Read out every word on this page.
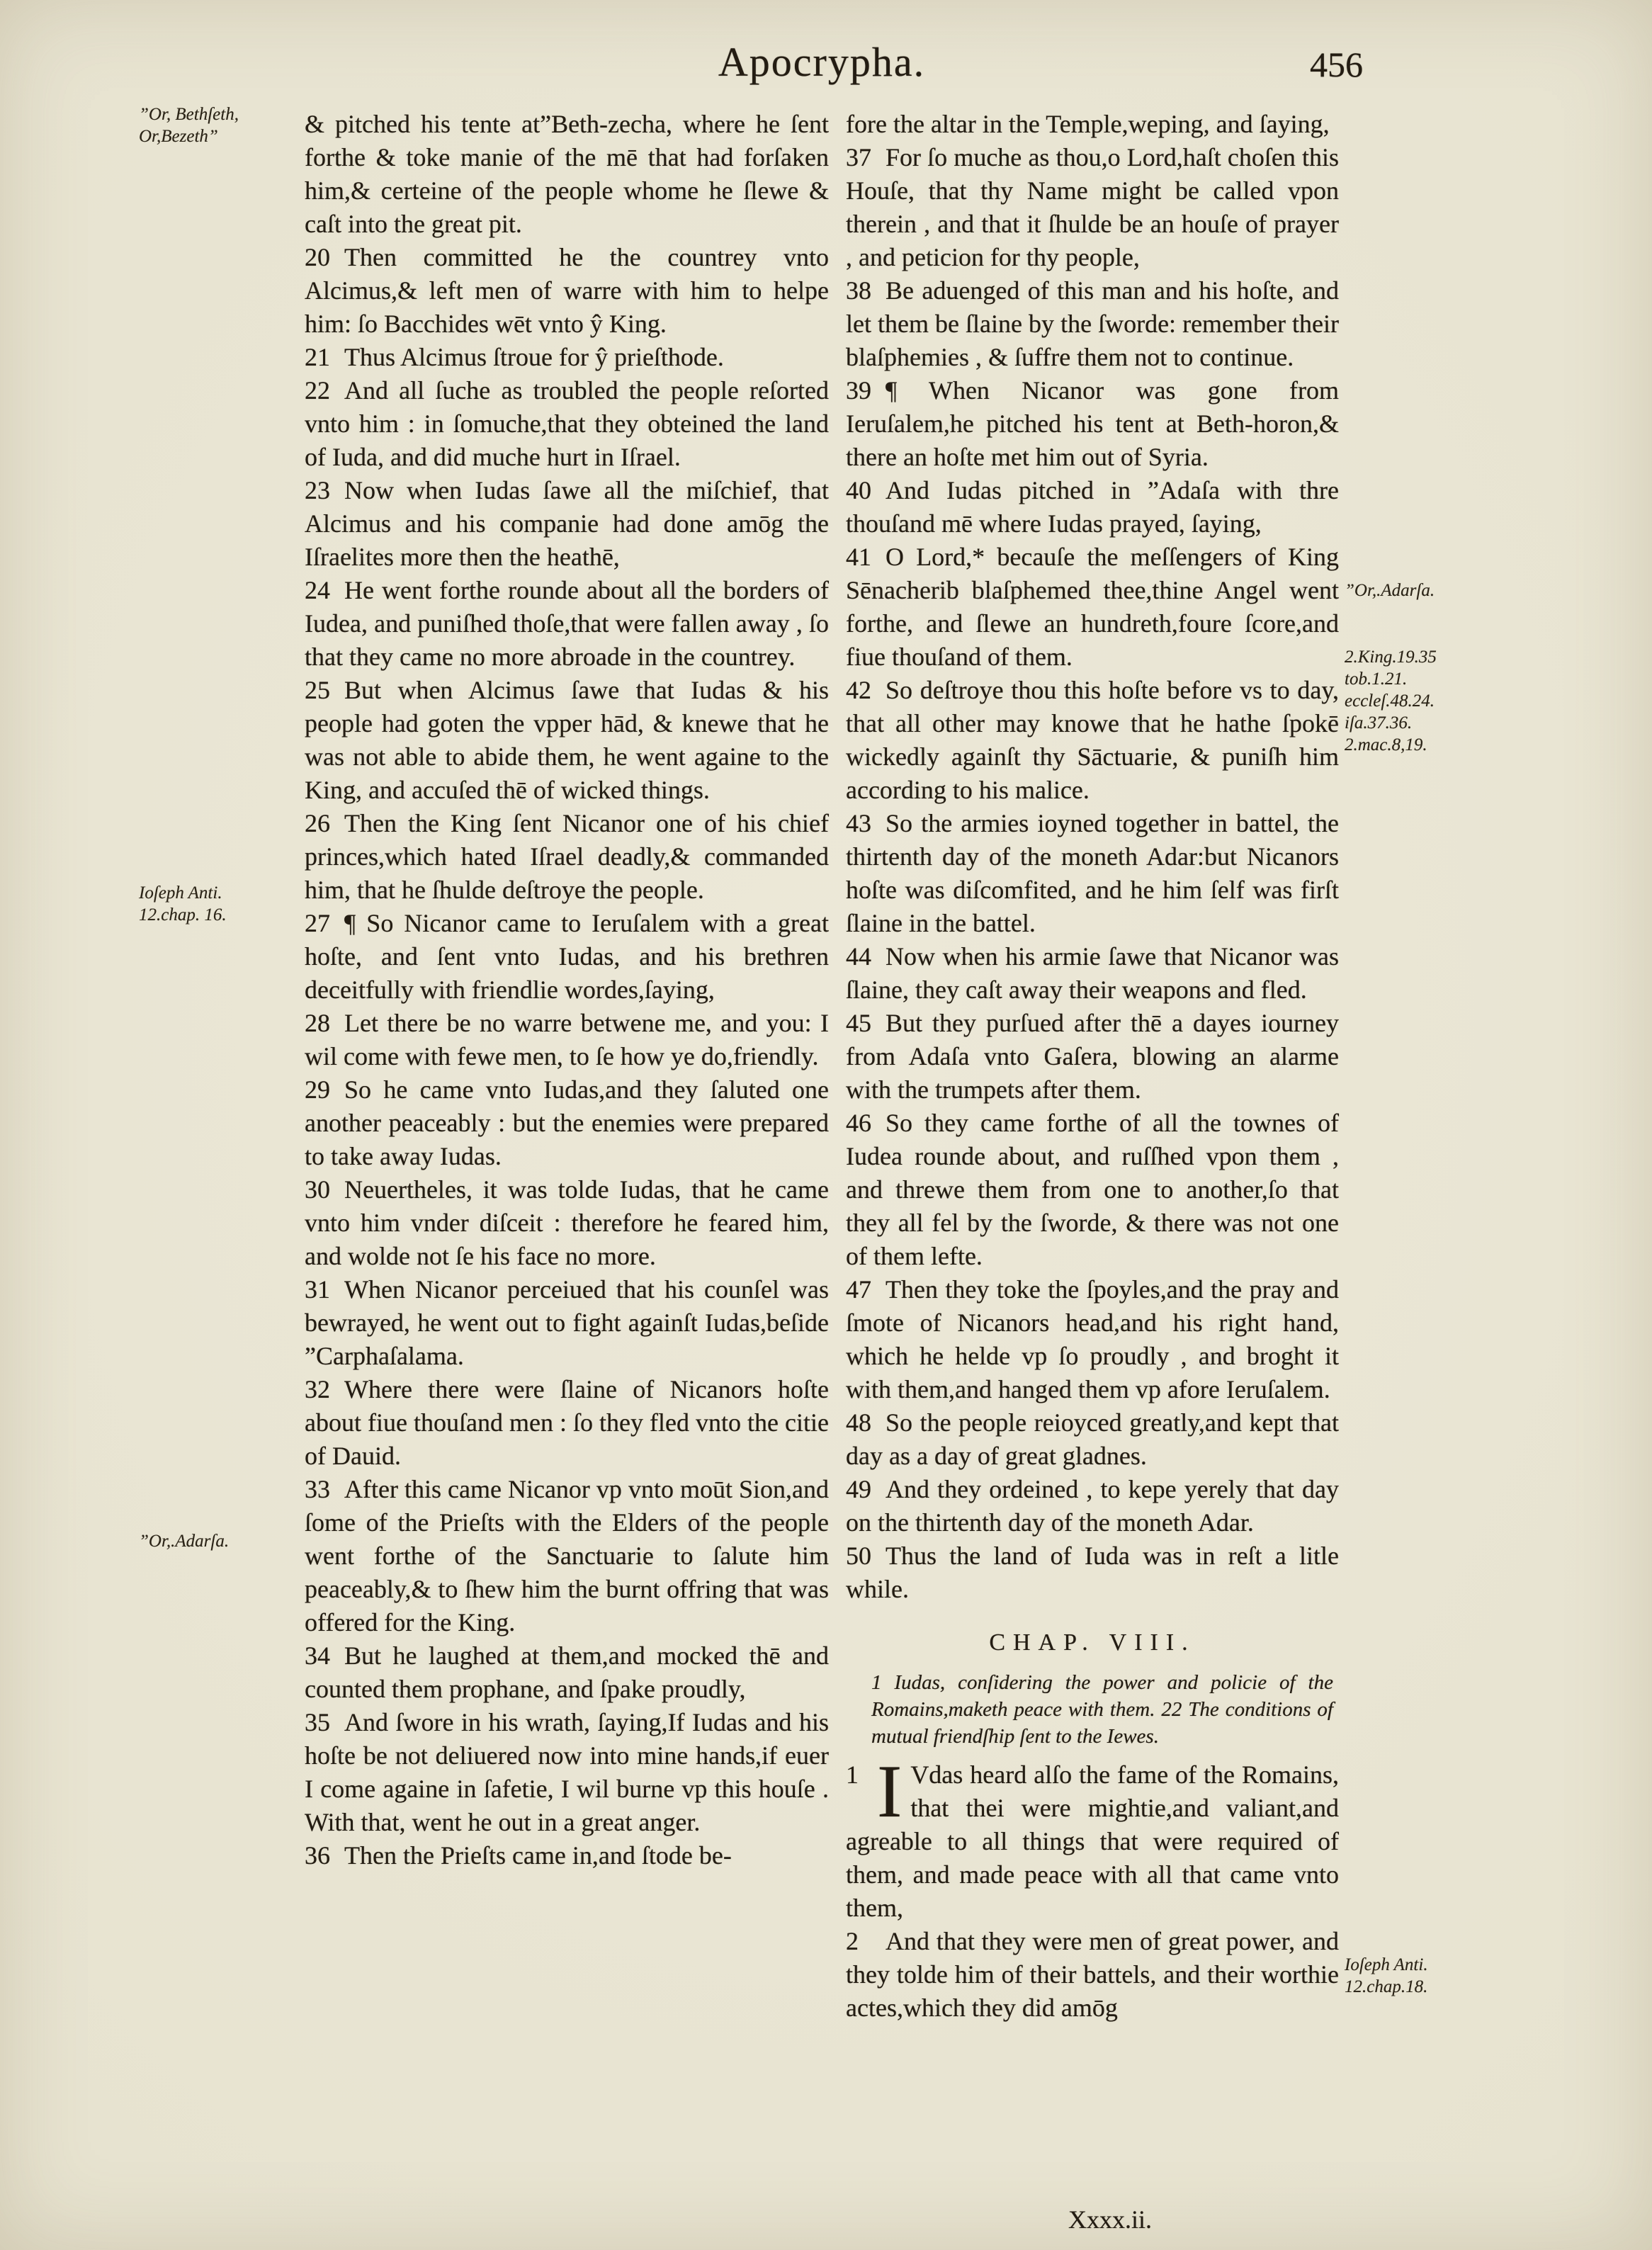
Apocrypha.	456

& pitched his tente at”Beth-zecha, where he ſent forthe & toke manie of the mē that had forſaken him,& certeine of the people whome he ſlewe & caſt into the great pit.

20 Then committed he the countrey vnto Alcimus,& left men of warre with him to helpe him: ſo Bacchides wēt vnto ŷ King.

21 Thus Alcimus ſtroue for ŷ prieſthode.

22 And all ſuche as troubled the people reſorted vnto him : in ſomuche,that they obteined the land of Iuda, and did muche hurt in Iſrael.

23 Now when Iudas ſawe all the miſchief, that Alcimus and his companie had done amōg the Iſraelites more then the heathē,

24 He went forthe rounde about all the borders of Iudea, and puniſhed thoſe,that were fallen away , ſo that they came no more abroade in the countrey.

25 But when Alcimus ſawe that Iudas & his people had goten the vpper hād, & knewe that he was not able to abide them, he went againe to the King, and accuſed thē of wicked things.

26 Then the King ſent Nicanor one of his chief princes,which hated Iſrael deadly,& commanded him, that he ſhulde deſtroye the people.

27 ¶ So Nicanor came to Ieruſalem with a great hoſte, and ſent vnto Iudas, and his brethren deceitfully with friendlie wordes,ſaying,

28 Let there be no warre betwene me, and you: I wil come with fewe men, to ſe how ye do,friendly.

29 So he came vnto Iudas,and they ſaluted one another peaceably : but the enemies were prepared to take away Iudas.

30 Neuertheles, it was tolde Iudas, that he came vnto him vnder diſceit : therefore he feared him, and wolde not ſe his face no more.

31 When Nicanor perceiued that his counſel was bewrayed, he went out to fight againſt Iudas,beſide ”Carphaſalama.

32 Where there were ſlaine of Nicanors hoſte about fiue thouſand men : ſo they fled vnto the citie of Dauid.

33 After this came Nicanor vp vnto moūt Sion,and ſome of the Prieſts with the Elders of the people went forthe of the Sanctuarie to ſalute him peaceably,& to ſhew him the burnt offring that was offered for the King.

34 But he laughed at them,and mocked thē and counted them prophane, and ſpake proudly,

35 And ſwore in his wrath, ſaying,If Iudas and his hoſte be not deliuered now into mine hands,if euer I come againe in ſafetie, I wil burne vp this houſe . With that, went he out in a great anger.

36 Then the Prieſts came in,and ſtode be-

fore the altar in the Temple,weping, and ſaying,

37 For ſo muche as thou,o Lord,haſt choſen this Houſe, that thy Name might be called vpon therein , and that it ſhulde be an houſe of prayer , and peticion for thy people,

38 Be aduenged of this man and his hoſte, and let them be ſlaine by the ſworde: remember their blaſphemies , & ſuffre them not to continue.

39 ¶ When Nicanor was gone from Ieruſalem,he pitched his tent at Beth-horon,& there an hoſte met him out of Syria.

40 And Iudas pitched in ”Adaſa with thre thouſand mē where Iudas prayed, ſaying,

41 O Lord,* becauſe the meſſengers of King Sēnacherib blaſphemed thee,thine Angel went forthe, and ſlewe an hundreth,foure ſcore,and fiue thouſand of them.

42 So deſtroye thou this hoſte before vs to day, that all other may knowe that he hathe ſpokē wickedly againſt thy Sāctuarie, & puniſh him according to his malice.

43 So the armies ioyned together in battel, the thirtenth day of the moneth Adar:but Nicanors hoſte was diſcomfited, and he him ſelf was firſt ſlaine in the battel.

44 Now when his armie ſawe that Nicanor was ſlaine, they caſt away their weapons and fled.

45 But they purſued after thē a dayes iourney from Adaſa vnto Gaſera, blowing an alarme with the trumpets after them.

46 So they came forthe of all the townes of Iudea rounde about, and ruſſhed vpon them , and threwe them from one to another,ſo that they all fel by the ſworde, & there was not one of them lefte.

47 Then they toke the ſpoyles,and the pray and ſmote of Nicanors head,and his right hand, which he helde vp ſo proudly , and broght it with them,and hanged them vp afore Ieruſalem.

48 So the people reioyced greatly,and kept that day as a day of great gladnes.

49 And they ordeined , to kepe yerely that day on the thirtenth day of the moneth Adar.

50 Thus the land of Iuda was in reſt a litle while.

CHAP. VIII.
1 Iudas, conſidering the power and policie of the Romains,maketh peace with them. 22 The conditions of mutual friendſhip ſent to the Iewes.

1 I Vdas heard alſo the fame of the Romains, that thei were mightie,and valiant,and agreable to all things that were required of them, and made peace with all that came vnto them,

2 And that they were men of great power, and they tolde him of their battels, and their worthie actes,which they did amōg

”Or, Bethſeth,
Or,Bezeth”
Ioſeph Anti.
12.chap. 16.
”Or,.Adarſa.
”Or,.Adarſa.
2.King.19.35
tob.1.21.
eccleſ.48.24.
iſa.37.36.
2.mac.8,19.
Ioſeph Anti.
12.chap.18.
Xxxx.ii.
